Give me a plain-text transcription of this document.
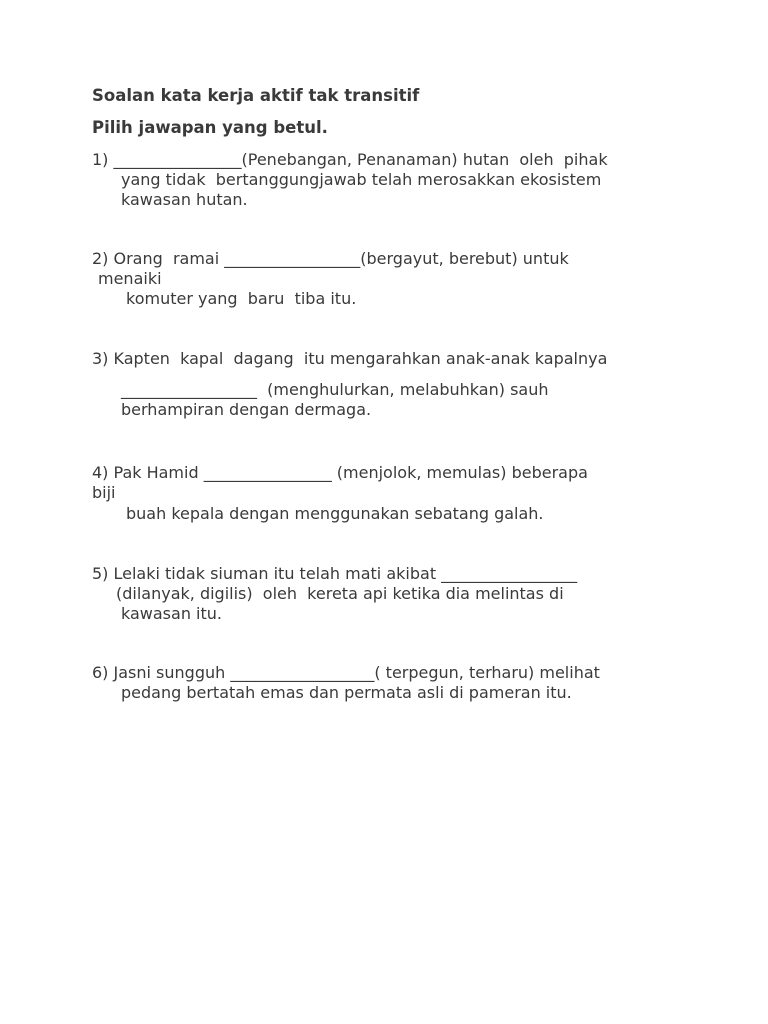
Soalan kata kerja aktif tak transitif
Pilih jawapan yang betul.
1) ________________(Penebangan, Penanaman) hutan  oleh  pihak
yang tidak  bertanggungjawab telah merosakkan ekosistem
kawasan hutan.
2) Orang  ramai _________________(bergayut, berebut) untuk
menaiki
komuter yang  baru  tiba itu.
3) Kapten  kapal  dagang  itu mengarahkan anak-anak kapalnya
_________________  (menghulurkan, melabuhkan) sauh
berhampiran dengan dermaga.
4) Pak Hamid ________________ (menjolok, memulas) beberapa
biji
buah kepala dengan menggunakan sebatang galah.
5) Lelaki tidak siuman itu telah mati akibat _________________
(dilanyak, digilis)  oleh  kereta api ketika dia melintas di
kawasan itu.
6) Jasni sungguh __________________( terpegun, terharu) melihat
pedang bertatah emas dan permata asli di pameran itu.
